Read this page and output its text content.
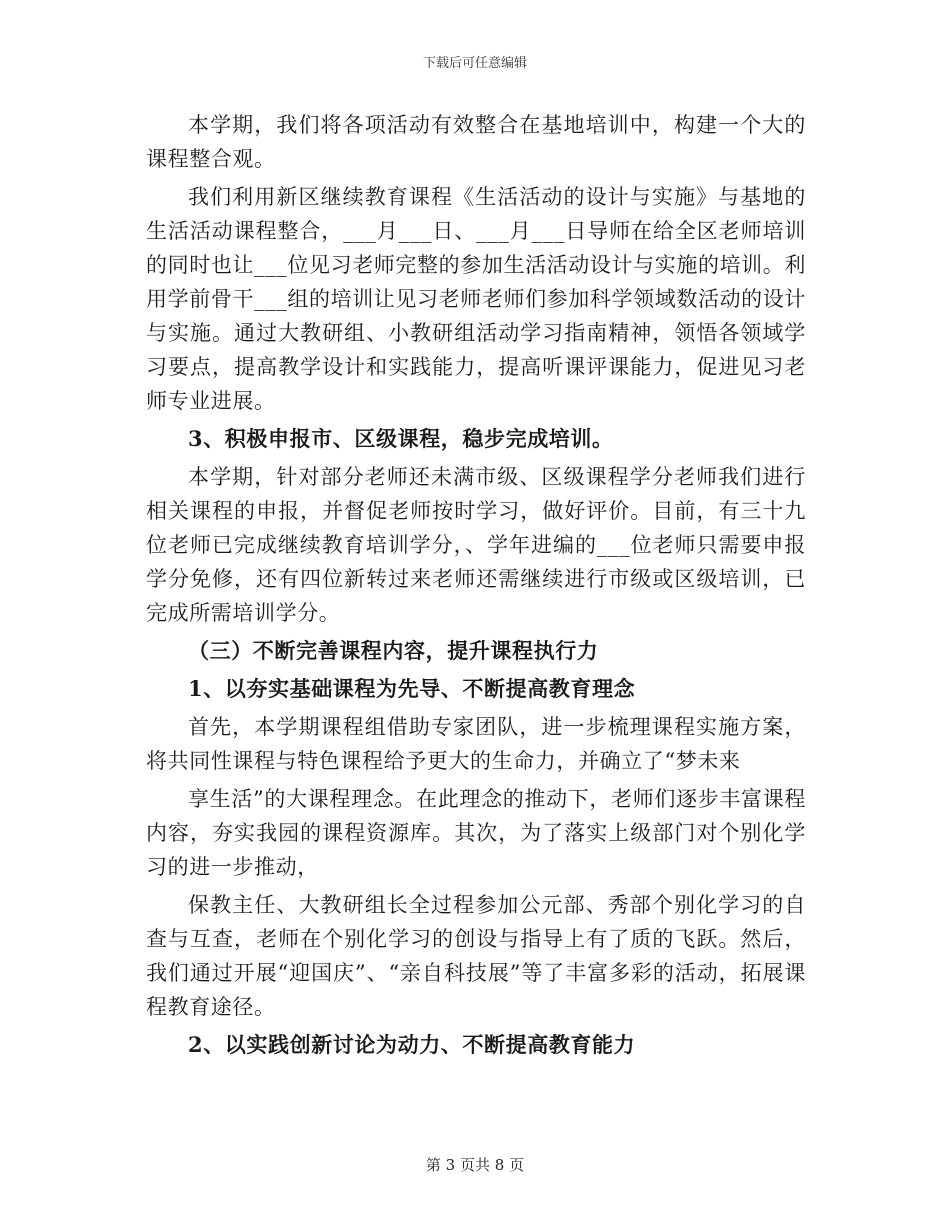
下载后可任意编辑

本学期，我们将各项活动有效整合在基地培训中，构建一个大的课程整合观。

我们利用新区继续教育课程《生活活动的设计与实施》与基地的生活活动课程整合，___月___日、___月___日导师在给全区老师培训的同时也让___位见习老师完整的参加生活活动设计与实施的培训。利用学前骨干___组的培训让见习老师老师们参加科学领域数活动的设计与实施。通过大教研组、小教研组活动学习指南精神，领悟各领域学习要点，提高教学设计和实践能力，提高听课评课能力，促进见习老师专业进展。

3、积极申报市、区级课程，稳步完成培训。

本学期，针对部分老师还未满市级、区级课程学分老师我们进行相关课程的申报，并督促老师按时学习，做好评价。目前，有三十九位老师已完成继续教育培训学分，、学年进编的___位老师只需要申报学分免修，还有四位新转过来老师还需继续进行市级或区级培训，已完成所需培训学分。

（三）不断完善课程内容，提升课程执行力

1、以夯实基础课程为先导、不断提高教育理念

首先，本学期课程组借助专家团队，进一步梳理课程实施方案，将共同性课程与特色课程给予更大的生命力，并确立了“梦未来

享生活”的大课程理念。在此理念的推动下，老师们逐步丰富课程内容，夯实我园的课程资源库。其次，为了落实上级部门对个别化学习的进一步推动，

保教主任、大教研组长全过程参加公元部、秀部个别化学习的自查与互查，老师在个别化学习的创设与指导上有了质的飞跃。然后，我们通过开展“迎国庆”、“亲自科技展”等了丰富多彩的活动，拓展课程教育途径。

2、以实践创新讨论为动力、不断提高教育能力

第 3 页共 8 页
